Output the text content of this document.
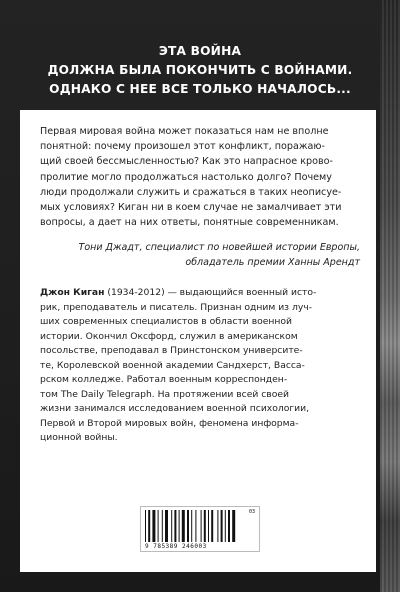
ЭТА ВОЙНА
ДОЛЖНА БЫЛА ПОКОНЧИТЬ С ВОЙНАМИ.
ОДНАКО С НЕЕ ВСЕ ТОЛЬКО НАЧАЛОСЬ...
Первая мировая война может показаться нам не вполне
понятной: почему произошел этот конфликт, поражаю-
щий своей бессмысленностью? Как это напрасное крово-
пролитие могло продолжаться настолько долго? Почему
люди продолжали служить и сражаться в таких неописуе-
мых условиях? Киган ни в коем случае не замалчивает эти
вопросы, а дает на них ответы, понятные современникам.
Тони Джадт, специалист по новейшей истории Европы,
обладатель премии Ханны Арендт
Джон Киган (1934-2012) — выдающийся военный исто-
рик, преподаватель и писатель. Признан одним из луч-
ших современных специалистов в области военной
истории. Окончил Оксфорд, служил в американском
посольстве, преподавал в Принстонском университе-
те, Королевской военной академии Сандхерст, Васса-
рском колледже. Работал военным корреспонден-
том The Daily Telegraph. На протяжении всей своей
жизни занимался исследованием военной психологии,
Первой и Второй мировых войн, феномена информа-
ционной войны.
03
9 785389 246003
